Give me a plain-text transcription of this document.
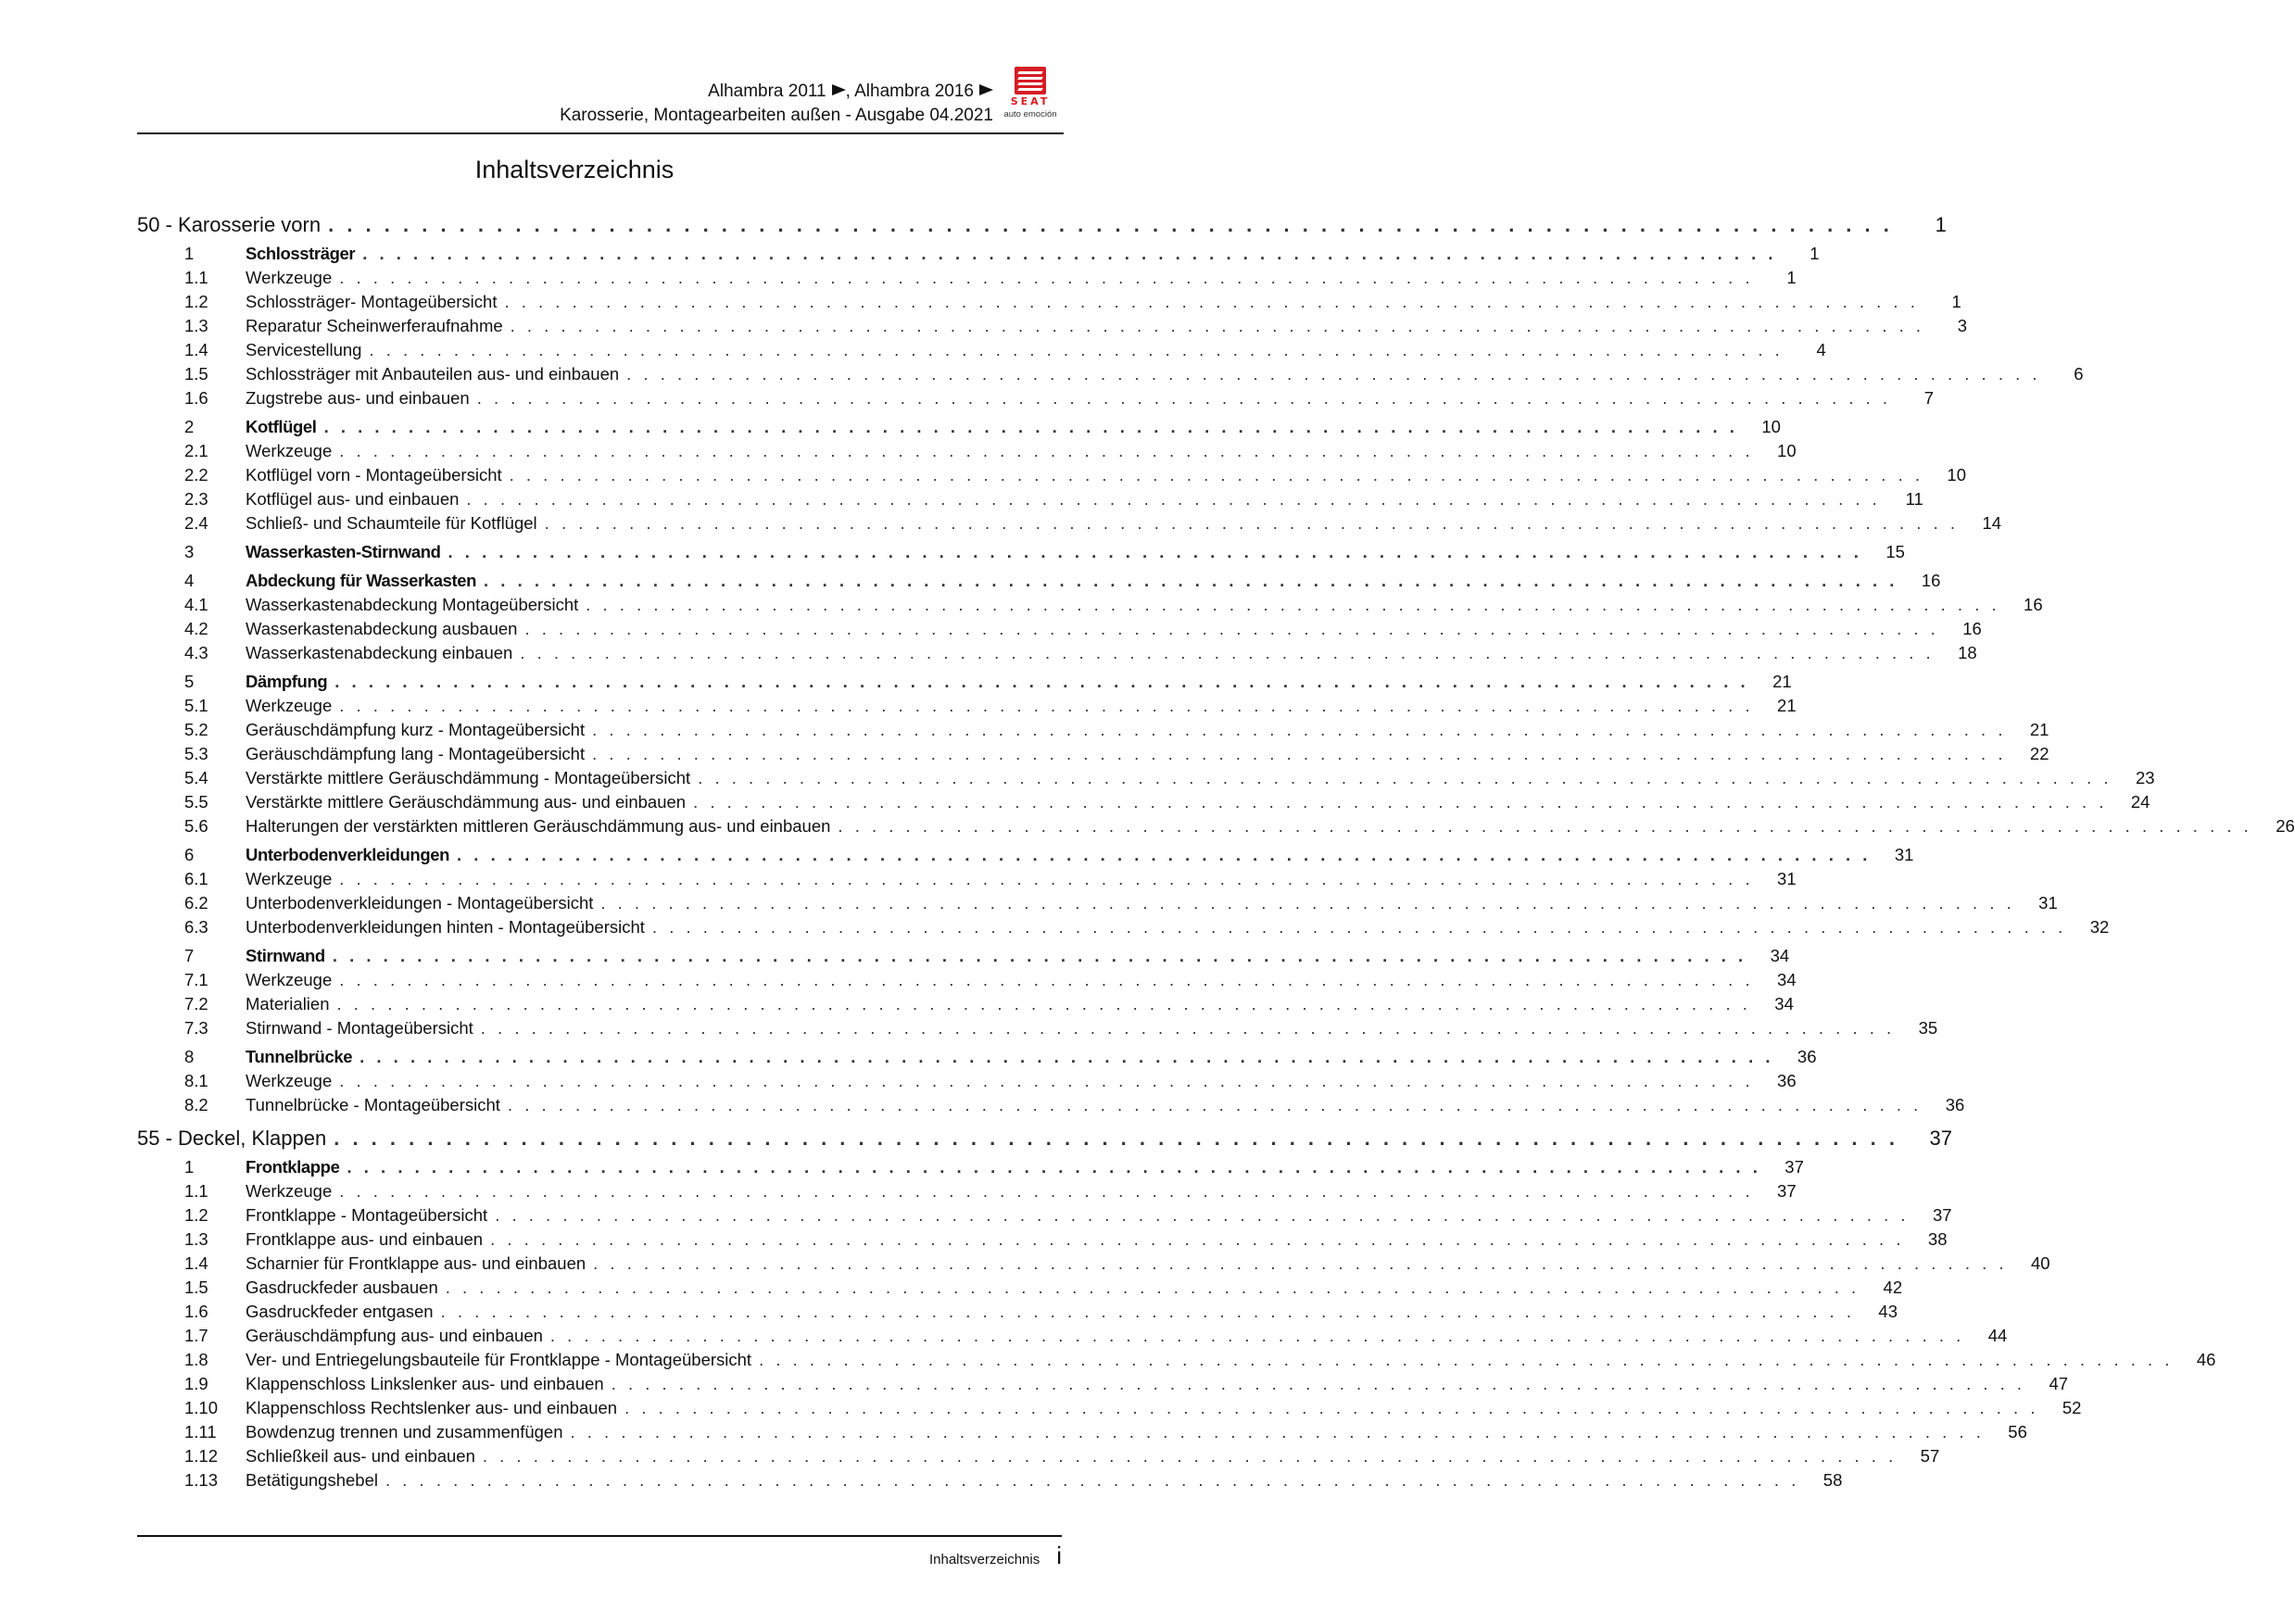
Alhambra 2011 , Alhambra 2016
Karosserie, Montagearbeiten außen - Ausgabe 04.2021
SEAT
auto emoción
Inhaltsverzeichnis
50 - Karosserie vorn . . . . . . . . . . . . . . . . . . . . . . . . . . . . . . . . . . . . . . . . . . . . . . . . . . . . . . . . . . . . . . . . . . . . . . . . . . . . . . . . . . . .	1
1	Schlossträger . . . . . . . . . . . . . . . . . . . . . . . . . . . . . . . . . . . . . . . . . . . . . . . . . . . . . . . . . . . . . . . . . . . . . . . . . . . . . . . . . . . .	1
1.1	Werkzeuge . . . . . . . . . . . . . . . . . . . . . . . . . . . . . . . . . . . . . . . . . . . . . . . . . . . . . . . . . . . . . . . . . . . . . . . . . . . . . . . . . . . .	1
1.2	Schlossträger- Montageübersicht . . . . . . . . . . . . . . . . . . . . . . . . . . . . . . . . . . . . . . . . . . . . . . . . . . . . . . . . . . . . . . . . . . . . . . . . . . . . . . . . . . . .	1
1.3	Reparatur Scheinwerferaufnahme . . . . . . . . . . . . . . . . . . . . . . . . . . . . . . . . . . . . . . . . . . . . . . . . . . . . . . . . . . . . . . . . . . . . . . . . . . . . . . . . . . . .	3
1.4	Servicestellung . . . . . . . . . . . . . . . . . . . . . . . . . . . . . . . . . . . . . . . . . . . . . . . . . . . . . . . . . . . . . . . . . . . . . . . . . . . . . . . . . . . .	4
1.5	Schlossträger mit Anbauteilen aus- und einbauen . . . . . . . . . . . . . . . . . . . . . . . . . . . . . . . . . . . . . . . . . . . . . . . . . . . . . . . . . . . . . . . . . . . . . . . . . . . . . . . . . . . .	6
1.6	Zugstrebe aus- und einbauen . . . . . . . . . . . . . . . . . . . . . . . . . . . . . . . . . . . . . . . . . . . . . . . . . . . . . . . . . . . . . . . . . . . . . . . . . . . . . . . . . . . .	7
2	Kotflügel . . . . . . . . . . . . . . . . . . . . . . . . . . . . . . . . . . . . . . . . . . . . . . . . . . . . . . . . . . . . . . . . . . . . . . . . . . . . . . . . . . . .	10
2.1	Werkzeuge . . . . . . . . . . . . . . . . . . . . . . . . . . . . . . . . . . . . . . . . . . . . . . . . . . . . . . . . . . . . . . . . . . . . . . . . . . . . . . . . . . . .	10
2.2	Kotflügel vorn - Montageübersicht . . . . . . . . . . . . . . . . . . . . . . . . . . . . . . . . . . . . . . . . . . . . . . . . . . . . . . . . . . . . . . . . . . . . . . . . . . . . . . . . . . . .	10
2.3	Kotflügel aus- und einbauen . . . . . . . . . . . . . . . . . . . . . . . . . . . . . . . . . . . . . . . . . . . . . . . . . . . . . . . . . . . . . . . . . . . . . . . . . . . . . . . . . . . .	11
2.4	Schließ- und Schaumteile für Kotflügel . . . . . . . . . . . . . . . . . . . . . . . . . . . . . . . . . . . . . . . . . . . . . . . . . . . . . . . . . . . . . . . . . . . . . . . . . . . . . . . . . . . .	14
3	Wasserkasten-Stirnwand . . . . . . . . . . . . . . . . . . . . . . . . . . . . . . . . . . . . . . . . . . . . . . . . . . . . . . . . . . . . . . . . . . . . . . . . . . . . . . . . . . . .	15
4	Abdeckung für Wasserkasten . . . . . . . . . . . . . . . . . . . . . . . . . . . . . . . . . . . . . . . . . . . . . . . . . . . . . . . . . . . . . . . . . . . . . . . . . . . . . . . . . . . .	16
4.1	Wasserkastenabdeckung Montageübersicht . . . . . . . . . . . . . . . . . . . . . . . . . . . . . . . . . . . . . . . . . . . . . . . . . . . . . . . . . . . . . . . . . . . . . . . . . . . . . . . . . . . .	16
4.2	Wasserkastenabdeckung ausbauen . . . . . . . . . . . . . . . . . . . . . . . . . . . . . . . . . . . . . . . . . . . . . . . . . . . . . . . . . . . . . . . . . . . . . . . . . . . . . . . . . . . .	16
4.3	Wasserkastenabdeckung einbauen . . . . . . . . . . . . . . . . . . . . . . . . . . . . . . . . . . . . . . . . . . . . . . . . . . . . . . . . . . . . . . . . . . . . . . . . . . . . . . . . . . . .	18
5	Dämpfung . . . . . . . . . . . . . . . . . . . . . . . . . . . . . . . . . . . . . . . . . . . . . . . . . . . . . . . . . . . . . . . . . . . . . . . . . . . . . . . . . . . .	21
5.1	Werkzeuge . . . . . . . . . . . . . . . . . . . . . . . . . . . . . . . . . . . . . . . . . . . . . . . . . . . . . . . . . . . . . . . . . . . . . . . . . . . . . . . . . . . .	21
5.2	Geräuschdämpfung kurz - Montageübersicht . . . . . . . . . . . . . . . . . . . . . . . . . . . . . . . . . . . . . . . . . . . . . . . . . . . . . . . . . . . . . . . . . . . . . . . . . . . . . . . . . . . .	21
5.3	Geräuschdämpfung lang - Montageübersicht . . . . . . . . . . . . . . . . . . . . . . . . . . . . . . . . . . . . . . . . . . . . . . . . . . . . . . . . . . . . . . . . . . . . . . . . . . . . . . . . . . . .	22
5.4	Verstärkte mittlere Geräuschdämmung - Montageübersicht . . . . . . . . . . . . . . . . . . . . . . . . . . . . . . . . . . . . . . . . . . . . . . . . . . . . . . . . . . . . . . . . . . . . . . . . . . . . . . . . . . . .	23
5.5	Verstärkte mittlere Geräuschdämmung aus- und einbauen . . . . . . . . . . . . . . . . . . . . . . . . . . . . . . . . . . . . . . . . . . . . . . . . . . . . . . . . . . . . . . . . . . . . . . . . . . . . . . . . . . . .	24
5.6	Halterungen der verstärkten mittleren Geräuschdämmung aus- und einbauen . . . . . . . . . . . . . . . . . . . . . . . . . . . . . . . . . . . . . . . . . . . . . . . . . . . . . . . . . . . . . . . . . . . . . . . . . . . . . . . . . . . .	26
6	Unterbodenverkleidungen . . . . . . . . . . . . . . . . . . . . . . . . . . . . . . . . . . . . . . . . . . . . . . . . . . . . . . . . . . . . . . . . . . . . . . . . . . . . . . . . . . . .	31
6.1	Werkzeuge . . . . . . . . . . . . . . . . . . . . . . . . . . . . . . . . . . . . . . . . . . . . . . . . . . . . . . . . . . . . . . . . . . . . . . . . . . . . . . . . . . . .	31
6.2	Unterbodenverkleidungen - Montageübersicht . . . . . . . . . . . . . . . . . . . . . . . . . . . . . . . . . . . . . . . . . . . . . . . . . . . . . . . . . . . . . . . . . . . . . . . . . . . . . . . . . . . .	31
6.3	Unterbodenverkleidungen hinten - Montageübersicht . . . . . . . . . . . . . . . . . . . . . . . . . . . . . . . . . . . . . . . . . . . . . . . . . . . . . . . . . . . . . . . . . . . . . . . . . . . . . . . . . . . .	32
7	Stirnwand . . . . . . . . . . . . . . . . . . . . . . . . . . . . . . . . . . . . . . . . . . . . . . . . . . . . . . . . . . . . . . . . . . . . . . . . . . . . . . . . . . . .	34
7.1	Werkzeuge . . . . . . . . . . . . . . . . . . . . . . . . . . . . . . . . . . . . . . . . . . . . . . . . . . . . . . . . . . . . . . . . . . . . . . . . . . . . . . . . . . . .	34
7.2	Materialien . . . . . . . . . . . . . . . . . . . . . . . . . . . . . . . . . . . . . . . . . . . . . . . . . . . . . . . . . . . . . . . . . . . . . . . . . . . . . . . . . . . .	34
7.3	Stirnwand - Montageübersicht . . . . . . . . . . . . . . . . . . . . . . . . . . . . . . . . . . . . . . . . . . . . . . . . . . . . . . . . . . . . . . . . . . . . . . . . . . . . . . . . . . . .	35
8	Tunnelbrücke . . . . . . . . . . . . . . . . . . . . . . . . . . . . . . . . . . . . . . . . . . . . . . . . . . . . . . . . . . . . . . . . . . . . . . . . . . . . . . . . . . . .	36
8.1	Werkzeuge . . . . . . . . . . . . . . . . . . . . . . . . . . . . . . . . . . . . . . . . . . . . . . . . . . . . . . . . . . . . . . . . . . . . . . . . . . . . . . . . . . . .	36
8.2	Tunnelbrücke - Montageübersicht . . . . . . . . . . . . . . . . . . . . . . . . . . . . . . . . . . . . . . . . . . . . . . . . . . . . . . . . . . . . . . . . . . . . . . . . . . . . . . . . . . . .	36
55 - Deckel, Klappen . . . . . . . . . . . . . . . . . . . . . . . . . . . . . . . . . . . . . . . . . . . . . . . . . . . . . . . . . . . . . . . . . . . . . . . . . . . . . . . . . . . .	37
1	Frontklappe . . . . . . . . . . . . . . . . . . . . . . . . . . . . . . . . . . . . . . . . . . . . . . . . . . . . . . . . . . . . . . . . . . . . . . . . . . . . . . . . . . . .	37
1.1	Werkzeuge . . . . . . . . . . . . . . . . . . . . . . . . . . . . . . . . . . . . . . . . . . . . . . . . . . . . . . . . . . . . . . . . . . . . . . . . . . . . . . . . . . . .	37
1.2	Frontklappe - Montageübersicht . . . . . . . . . . . . . . . . . . . . . . . . . . . . . . . . . . . . . . . . . . . . . . . . . . . . . . . . . . . . . . . . . . . . . . . . . . . . . . . . . . . .	37
1.3	Frontklappe aus- und einbauen . . . . . . . . . . . . . . . . . . . . . . . . . . . . . . . . . . . . . . . . . . . . . . . . . . . . . . . . . . . . . . . . . . . . . . . . . . . . . . . . . . . .	38
1.4	Scharnier für Frontklappe aus- und einbauen . . . . . . . . . . . . . . . . . . . . . . . . . . . . . . . . . . . . . . . . . . . . . . . . . . . . . . . . . . . . . . . . . . . . . . . . . . . . . . . . . . . .	40
1.5	Gasdruckfeder ausbauen . . . . . . . . . . . . . . . . . . . . . . . . . . . . . . . . . . . . . . . . . . . . . . . . . . . . . . . . . . . . . . . . . . . . . . . . . . . . . . . . . . . .	42
1.6	Gasdruckfeder entgasen . . . . . . . . . . . . . . . . . . . . . . . . . . . . . . . . . . . . . . . . . . . . . . . . . . . . . . . . . . . . . . . . . . . . . . . . . . . . . . . . . . . .	43
1.7	Geräuschdämpfung aus- und einbauen . . . . . . . . . . . . . . . . . . . . . . . . . . . . . . . . . . . . . . . . . . . . . . . . . . . . . . . . . . . . . . . . . . . . . . . . . . . . . . . . . . . .	44
1.8	Ver- und Entriegelungsbauteile für Frontklappe - Montageübersicht . . . . . . . . . . . . . . . . . . . . . . . . . . . . . . . . . . . . . . . . . . . . . . . . . . . . . . . . . . . . . . . . . . . . . . . . . . . . . . . . . . . .	46
1.9	Klappenschloss Linkslenker aus- und einbauen . . . . . . . . . . . . . . . . . . . . . . . . . . . . . . . . . . . . . . . . . . . . . . . . . . . . . . . . . . . . . . . . . . . . . . . . . . . . . . . . . . . .	47
1.10	Klappenschloss Rechtslenker aus- und einbauen . . . . . . . . . . . . . . . . . . . . . . . . . . . . . . . . . . . . . . . . . . . . . . . . . . . . . . . . . . . . . . . . . . . . . . . . . . . . . . . . . . . .	52
1.11	Bowdenzug trennen und zusammenfügen . . . . . . . . . . . . . . . . . . . . . . . . . . . . . . . . . . . . . . . . . . . . . . . . . . . . . . . . . . . . . . . . . . . . . . . . . . . . . . . . . . . .	56
1.12	Schließkeil aus- und einbauen . . . . . . . . . . . . . . . . . . . . . . . . . . . . . . . . . . . . . . . . . . . . . . . . . . . . . . . . . . . . . . . . . . . . . . . . . . . . . . . . . . . .	57
1.13	Betätigungshebel . . . . . . . . . . . . . . . . . . . . . . . . . . . . . . . . . . . . . . . . . . . . . . . . . . . . . . . . . . . . . . . . . . . . . . . . . . . . . . . . . . . .	58
Inhaltsverzeichnis i
